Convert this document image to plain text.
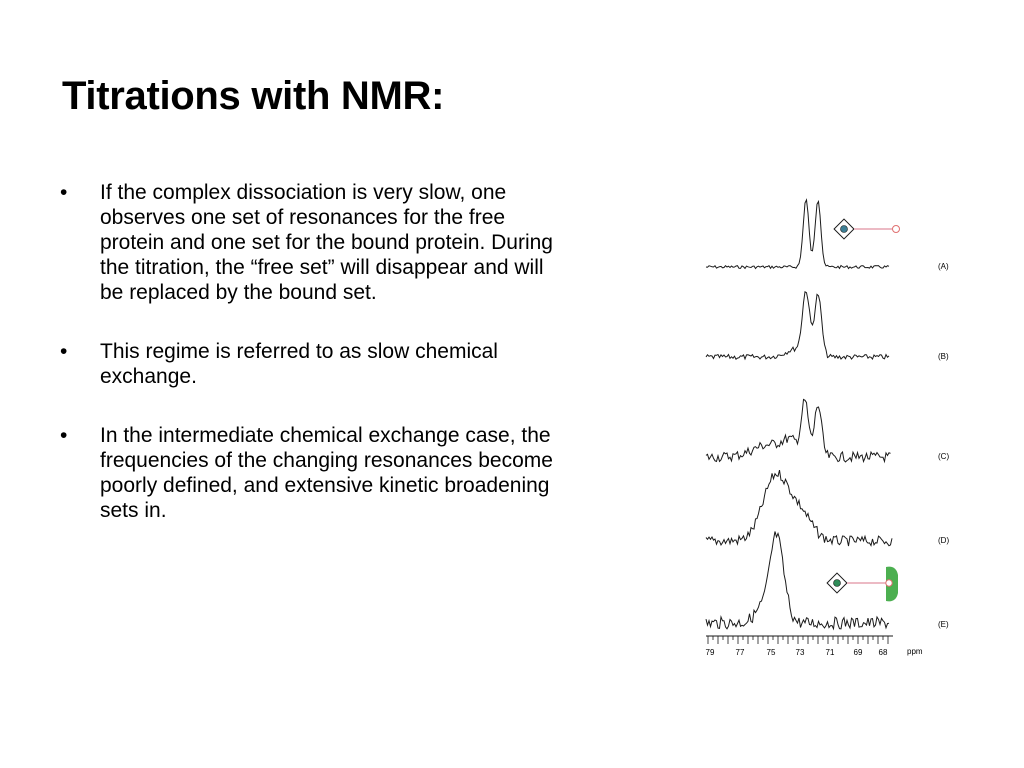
Titrations with NMR:
• If the complex dissociation is very slow, one
observes one set of resonances for the free
protein and one set for the bound protein. During
the titration, the “free set” will disappear and will
be replaced by the bound set.
• This regime is referred to as slow chemical
exchange.
• In the intermediate chemical exchange case, the
frequencies of the changing resonances become
poorly defined, and extensive kinetic broadening
sets in.
(A)
(B)
(C)
(D)
(E)
79	77	75	73	71 69 68 ppm
